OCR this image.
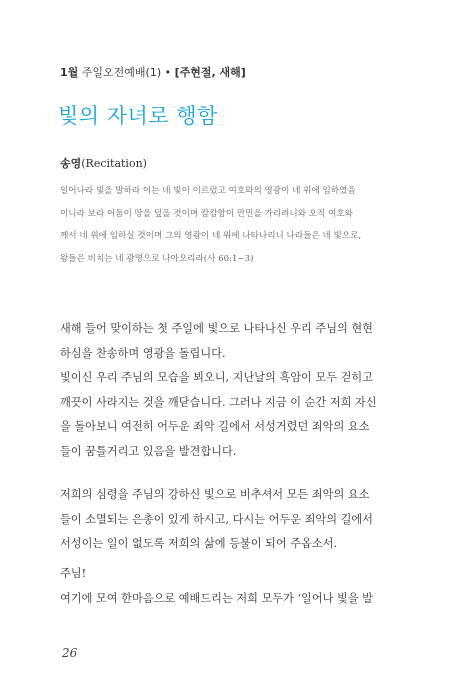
1월 주일오전예배(1) • [주현절, 새해]
빛의 자녀로 행함
송영(Recitation)
일어나라 빛을 발하라 이는 네 빛이 이르렀고 여호와의 영광이 네 위에 임하였음
이니라 보라 어둠이 땅을 덮을 것이며 캄캄함이 만민을 가리려니와 오직 여호와
께서 네 위에 임하실 것이며 그의 영광이 네 위에 나타나리니 나라들은 네 빛으로,
왕들은 비치는 네 광명으로 나아오리라(사 60:1~3)
새해 들어 맞이하는 첫 주일에 빛으로 나타나신 우리 주님의 현현
하심을 찬송하며 영광을 돌립니다.
빛이신 우리 주님의 모습을 뵈오니, 지난날의 흑암이 모두 걷히고
깨끗이 사라지는 것을 깨닫습니다. 그러나 지금 이 순간 저희 자신
을 돌아보니 여전히 어두운 죄악 길에서 서성거렸던 죄악의 요소
들이 꿈틀거리고 있음을 발견합니다.
저희의 심령을 주님의 강하신 빛으로 비추셔서 모든 죄악의 요소
들이 소멸되는 은총이 있게 하시고, 다시는 어두운 죄악의 길에서
서성이는 일이 없도록 저희의 삶에 등불이 되어 주옵소서.
주님!
여기에 모여 한마음으로 예배드리는 저희 모두가 ‘일어나 빛을 발
26
